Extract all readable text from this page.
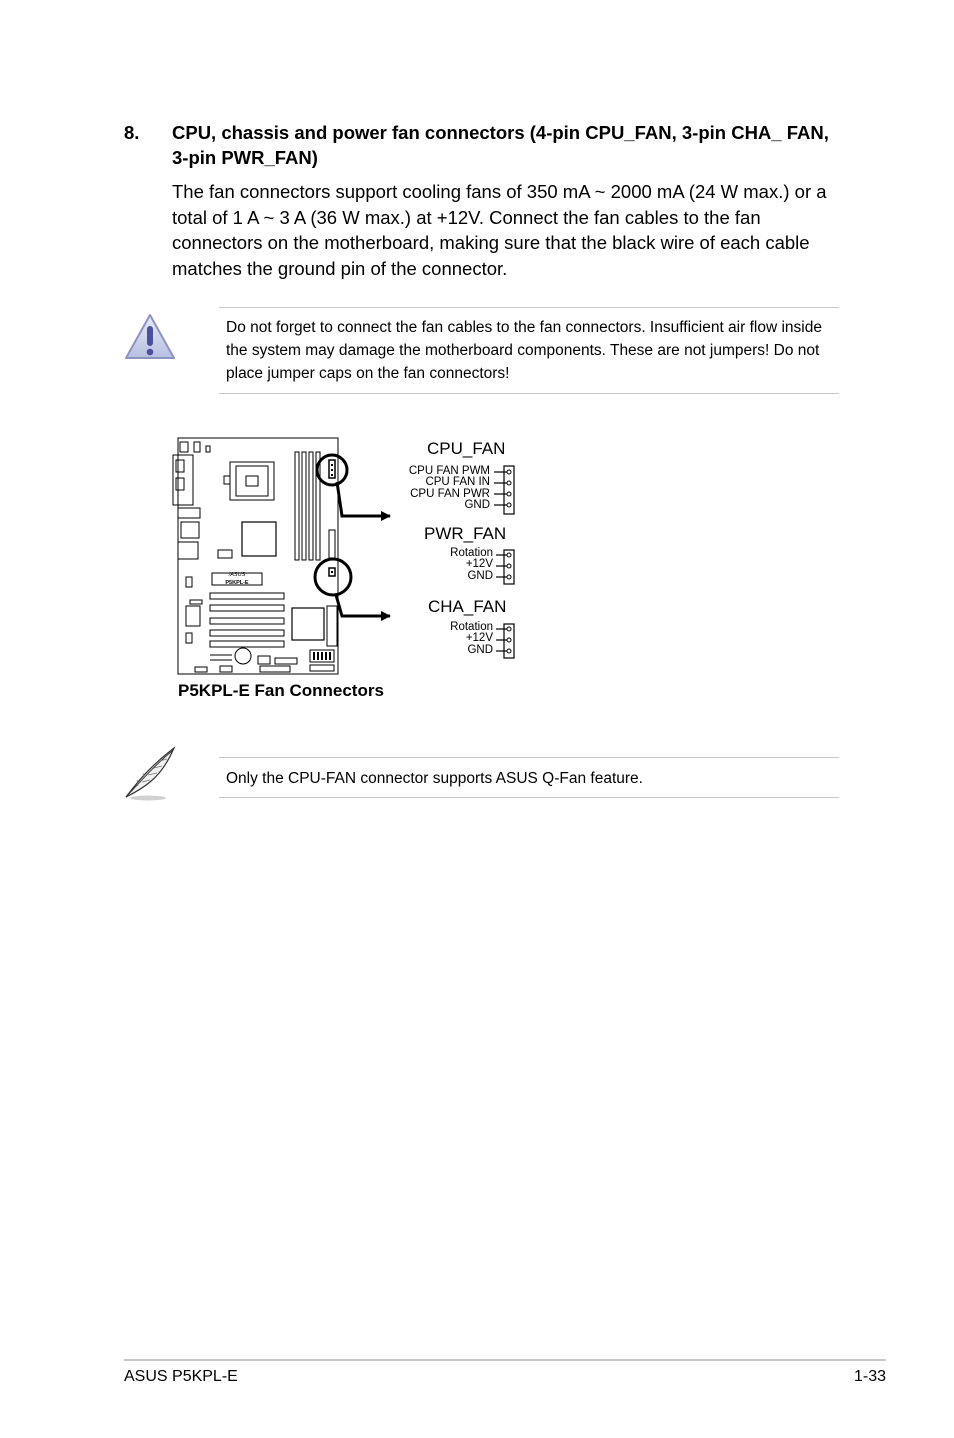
8.	CPU, chassis and power fan connectors (4-pin CPU_FAN, 3-pin CHA_ FAN, 3-pin PWR_FAN)
The fan connectors support cooling fans of 350 mA ~ 2000 mA (24 W max.) or a total of 1 A ~ 3 A (36 W max.) at +12V. Connect the fan cables to the fan connectors on the motherboard, making sure that the black wire of each cable matches the ground pin of the connector.
Do not forget to connect the fan cables to the fan connectors. Insufficient air flow inside the system may damage the motherboard components. These are not jumpers! Do not place jumper caps on the fan connectors!
/ASUS
P5KPL-E
CPU_FAN
CPU FAN PWM
CPU FAN IN
CPU FAN PWR
GND
PWR_FAN
Rotation
+12V
GND
CHA_FAN
Rotation
+12V
GND
P5KPL-E Fan Connectors
Only the CPU-FAN connector supports ASUS Q-Fan feature.
ASUS P5KPL-E	1-33
